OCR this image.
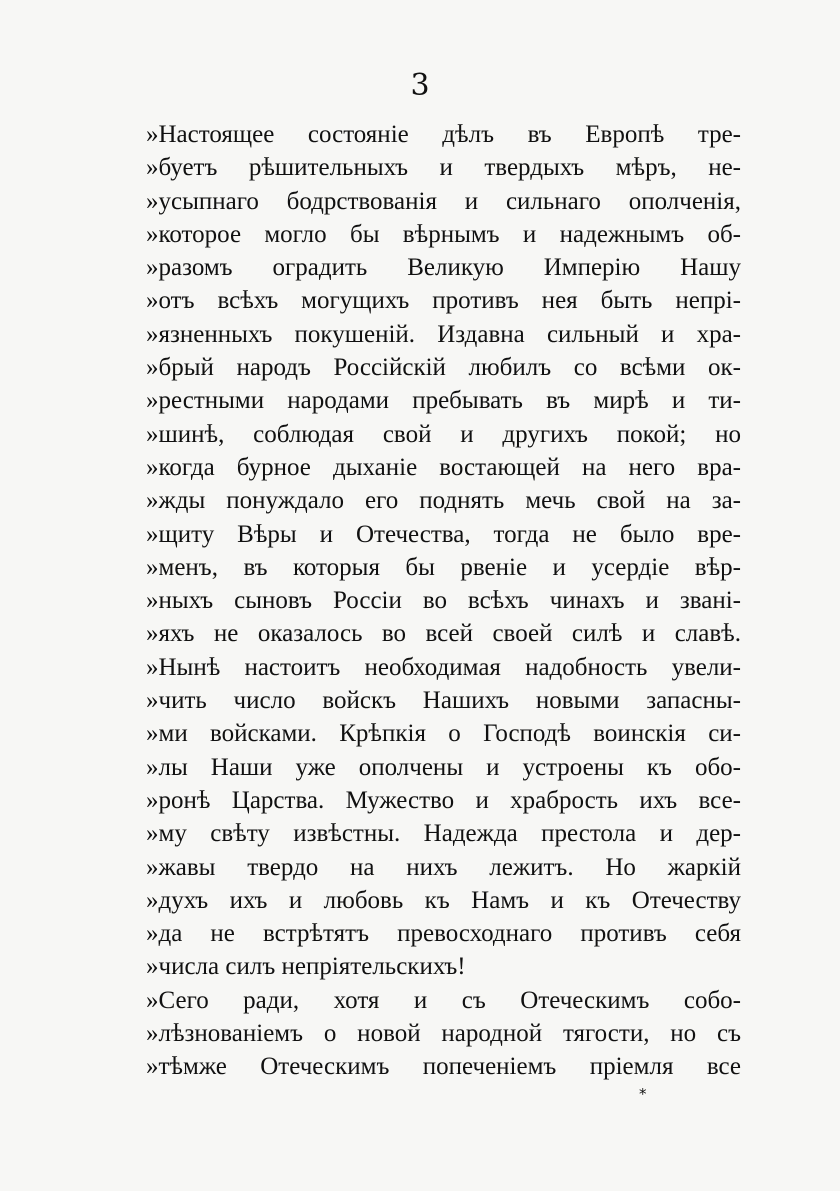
3
»Настоящее состояніе дѣлъ въ Европѣ тре-
»буетъ рѣшительныхъ и твердыхъ мѣръ, не-
»усыпнаго бодрствованія и сильнаго ополченія,
»которое могло бы вѣрнымъ и надежнымъ об-
»разомъ оградить Великую Имперію Нашу
»отъ всѣхъ могущихъ противъ нея быть непрі-
»язненныхъ покушеній. Издавна сильный и хра-
»брый народъ Россійскій любилъ со всѣми ок-
»рестными народами пребывать въ мирѣ и ти-
»шинѣ, соблюдая свой и другихъ покой; но
»когда бурное дыханіе востающей на него вра-
»жды понуждало его поднять мечь свой на за-
»щиту Вѣры и Отечества, тогда не было вре-
»менъ, въ которыя бы рвеніе и усердіе вѣр-
»ныхъ сыновъ Россіи во всѣхъ чинахъ и звані-
»яхъ не оказалось во всей своей силѣ и славѣ.
»Нынѣ настоитъ необходимая надобность увели-
»чить число войскъ Нашихъ новыми запасны-
»ми войсками. Крѣпкія о Господѣ воинскія си-
»лы Наши уже ополчены и устроены къ обо-
»ронѣ Царства. Мужество и храбрость ихъ все-
»му свѣту извѣстны. Надежда престола и дер-
»жавы твердо на нихъ лежитъ. Но жаркій
»духъ ихъ и любовь къ Намъ и къ Отечеству
»да не встрѣтятъ превосходнаго противъ себя
»числа силъ непріятельскихъ!
»Сего ради, хотя и съ Отеческимъ собо-
»лѣзнованіемъ о новой народной тягости, но съ
»тѣмже Отеческимъ попеченіемъ пріемля все
*
